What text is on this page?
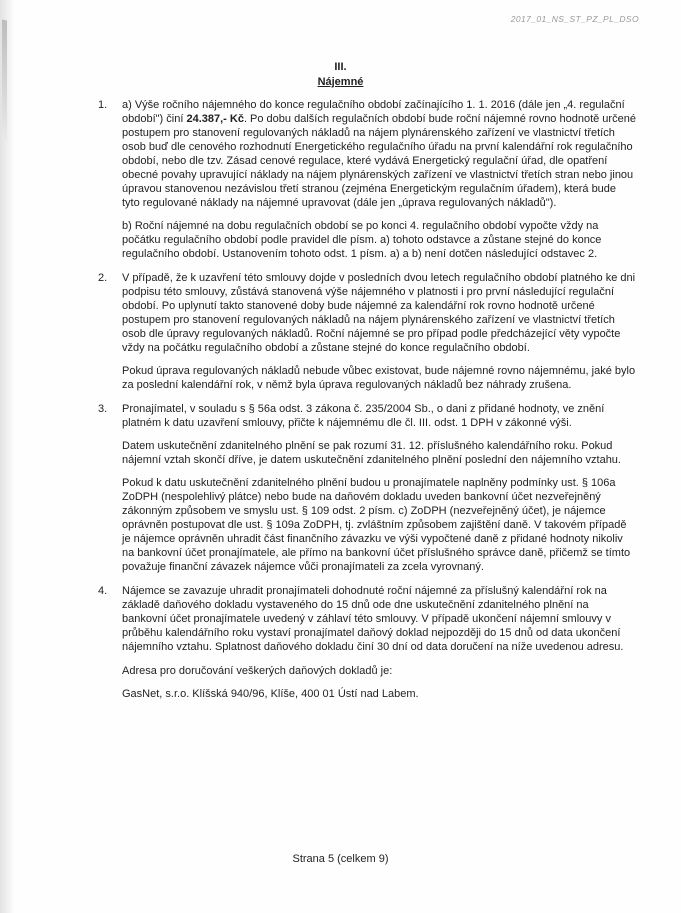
2017_01_NS_ST_PZ_PL_DSO
III.
Nájemné
1. a) Výše ročního nájemného do konce regulačního období začínajícího 1. 1. 2016 (dále jen „4. regulační období") činí 24.387,- Kč. Po dobu dalších regulačních období bude roční nájemné rovno hodnotě určené postupem pro stanovení regulovaných nákladů na nájem plynárenského zařízení ve vlastnictví třetích osob buď dle cenového rozhodnutí Energetického regulačního úřadu na první kalendářní rok regulačního období, nebo dle tzv. Zásad cenové regulace, které vydává Energetický regulační úřad, dle opatření obecné povahy upravující náklady na nájem plynárenských zařízení ve vlastnictví třetích stran nebo jinou úpravou stanovenou nezávislou třetí stranou (zejména Energetickým regulačním úřadem), která bude tyto regulované náklady na nájemné upravovat (dále jen „úprava regulovaných nákladů").

b) Roční nájemné na dobu regulačních období se po konci 4. regulačního období vypočte vždy na počátku regulačního období podle pravidel dle písm. a) tohoto odstavce a zůstane stejné do konce regulačního období. Ustanovením tohoto odst. 1 písm. a) a b) není dotčen následující odstavec 2.

2. V případě, že k uzavření této smlouvy dojde v posledních dvou letech regulačního období platného ke dni podpisu této smlouvy, zůstává stanovená výše nájemného v platnosti i pro první následující regulační období. Po uplynutí takto stanovené doby bude nájemné za kalendářní rok rovno hodnotě určené postupem pro stanovení regulovaných nákladů na nájem plynárenského zařízení ve vlastnictví třetích osob dle úpravy regulovaných nákladů. Roční nájemné se pro případ podle předcházející věty vypočte vždy na počátku regulačního období a zůstane stejné do konce regulačního období.

Pokud úprava regulovaných nákladů nebude vůbec existovat, bude nájemné rovno nájemnému, jaké bylo za poslední kalendářní rok, v němž byla úprava regulovaných nákladů bez náhrady zrušena.

3. Pronajímatel, v souladu s § 56a odst. 3 zákona č. 235/2004 Sb., o dani z přidané hodnoty, ve znění platném k datu uzavření smlouvy, přičte k nájemnému dle čl. III. odst. 1 DPH v zákonné výši.

Datem uskutečnění zdanitelného plnění se pak rozumí 31. 12. příslušného kalendářního roku. Pokud nájemní vztah skončí dříve, je datem uskutečnění zdanitelného plnění poslední den nájemního vztahu.

Pokud k datu uskutečnění zdanitelného plnění budou u pronajímatele naplněny podmínky ust. § 106a ZoDPH (nespolehlivý plátce) nebo bude na daňovém dokladu uveden bankovní účet nezveřejněný zákonným způsobem ve smyslu ust. § 109 odst. 2 písm. c) ZoDPH (nezveřejněný účet), je nájemce oprávněn postupovat dle ust. § 109a ZoDPH, tj. zvláštním způsobem zajištění daně. V takovém případě je nájemce oprávněn uhradit část finančního závazku ve výši vypočtené daně z přidané hodnoty nikoliv na bankovní účet pronajímatele, ale přímo na bankovní účet příslušného správce daně, přičemž se tímto považuje finanční závazek nájemce vůči pronajímateli za zcela vyrovnaný.

4. Nájemce se zavazuje uhradit pronajímateli dohodnuté roční nájemné za příslušný kalendářní rok na základě daňového dokladu vystaveného do 15 dnů ode dne uskutečnění zdanitelného plnění na bankovní účet pronajímatele uvedený v záhlaví této smlouvy. V případě ukončení nájemní smlouvy v průběhu kalendářního roku vystaví pronajímatel daňový doklad nejpozději do 15 dnů od data ukončení nájemního vztahu. Splatnost daňového dokladu činí 30 dní od data doručení na níže uvedenou adresu.

Adresa pro doručování veškerých daňových dokladů je:
GasNet, s.r.o. Klíšská 940/96, Klíše, 400 01 Ústí nad Labem.
Strana 5 (celkem 9)
